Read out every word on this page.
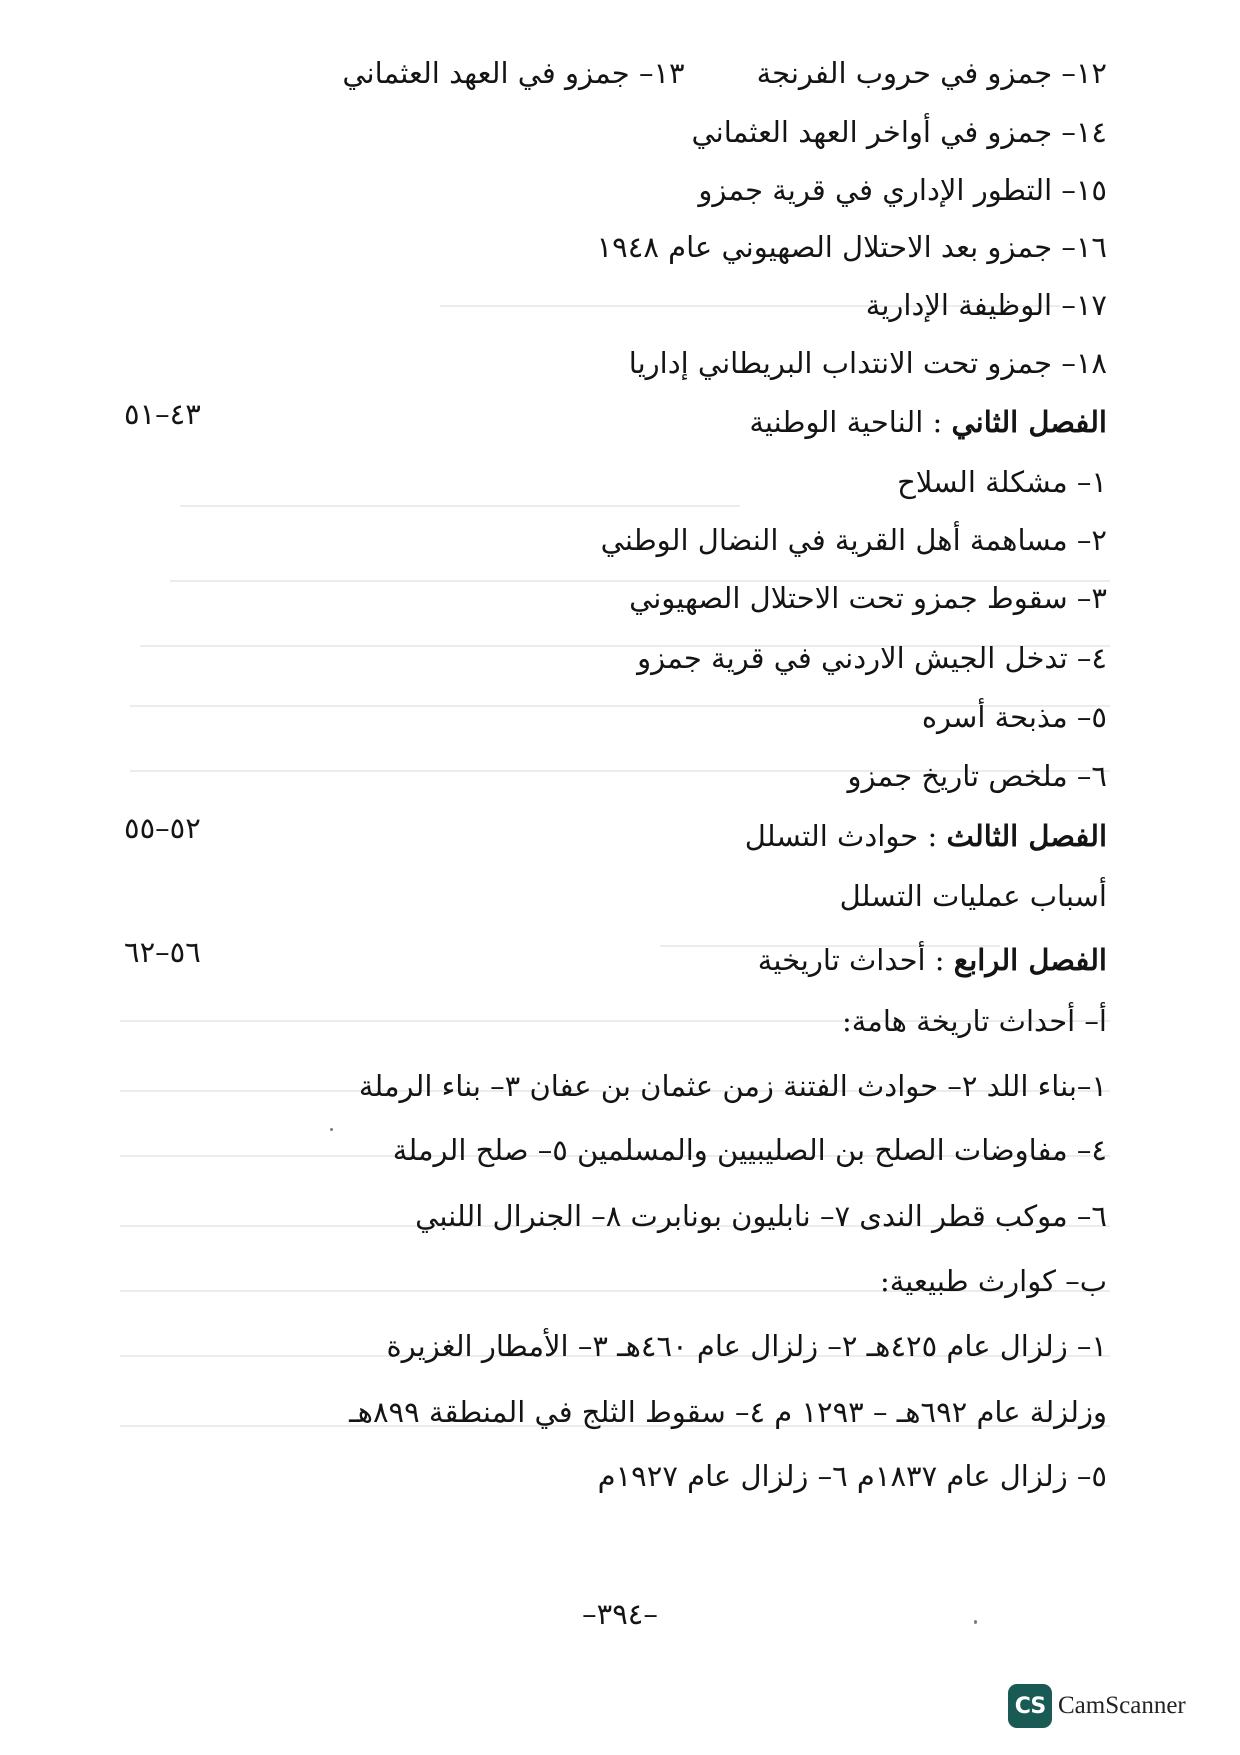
١٢– جمزو في حروب الفرنجة١٣– جمزو في العهد العثماني
١٤– جمزو في أواخر العهد العثماني
١٥– التطور الإداري في قرية جمزو
١٦– جمزو بعد الاحتلال الصهيوني عام ١٩٤٨
١٧– الوظيفة الإدارية
١٨– جمزو تحت الانتداب البريطاني إداريا
الفصل الثاني : الناحية الوطنية
٤٣–٥١
١– مشكلة السلاح
٢– مساهمة أهل القرية في النضال الوطني
٣– سقوط جمزو تحت الاحتلال الصهيوني
٤– تدخل الجيش الاردني في قرية جمزو
٥– مذبحة أسره
٦– ملخص تاريخ جمزو
الفصل الثالث : حوادث التسلل
٥٢–٥٥
أسباب عمليات التسلل
الفصل الرابع : أحداث تاريخية
٥٦–٦٢
أ– أحداث تاريخة هامة:
١–بناء اللد ٢– حوادث الفتنة زمن عثمان بن عفان ٣– بناء الرملة
٤– مفاوضات الصلح بن الصليبيين والمسلمين ٥– صلح الرملة
٦– موكب قطر الندى ٧– نابليون بونابرت ٨– الجنرال اللنبي
ب– كوارث طبيعية:
١– زلزال عام ٤٢٥هـ ٢– زلزال عام ٤٦٠هـ ٣– الأمطار الغزيرة
وزلزلة عام ٦٩٢هـ – ١٢٩٣ م ٤– سقوط الثلج في المنطقة ٨٩٩هـ
٥– زلزال عام ١٨٣٧م ٦– زلزال عام ١٩٢٧م
–٣٩٤–
CS CamScanner
